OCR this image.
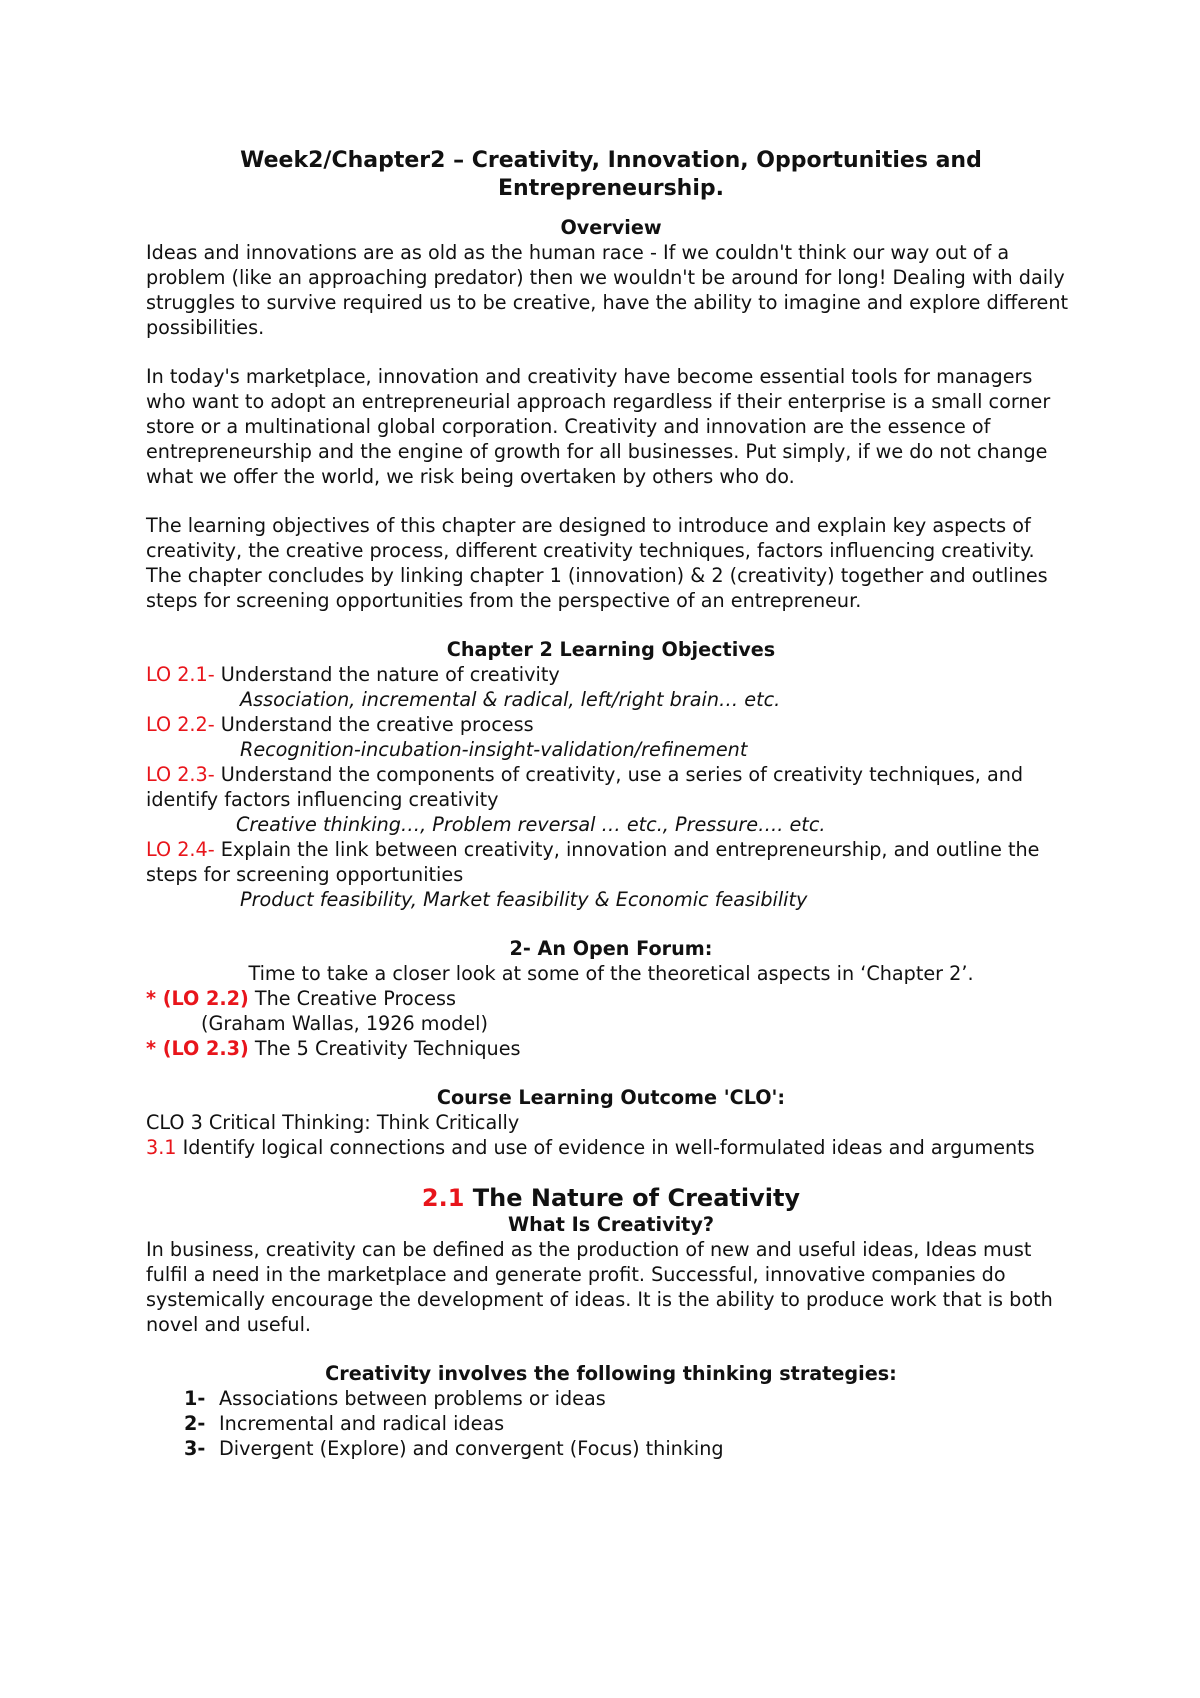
Week2/Chapter2 – Creativity, Innovation, Opportunities and
Entrepreneurship.
Overview

Ideas and innovations are as old as the human race - If we couldn't think our way out of a problem (like an approaching predator) then we wouldn't be around for long! Dealing with daily struggles to survive required us to be creative, have the ability to imagine and explore different possibilities.

In today's marketplace, innovation and creativity have become essential tools for managers who want to adopt an entrepreneurial approach regardless if their enterprise is a small corner store or a multinational global corporation. Creativity and innovation are the essence of entrepreneurship and the engine of growth for all businesses. Put simply, if we do not change what we offer the world, we risk being overtaken by others who do.

The learning objectives of this chapter are designed to introduce and explain key aspects of creativity, the creative process, different creativity techniques, factors influencing creativity. The chapter concludes by linking chapter 1 (innovation) & 2 (creativity) together and outlines steps for screening opportunities from the perspective of an entrepreneur.

Chapter 2 Learning Objectives
LO 2.1- Understand the nature of creativity
Association, incremental & radical, left/right brain… etc.
LO 2.2- Understand the creative process
Recognition-incubation-insight-validation/refinement
LO 2.3- Understand the components of creativity, use a series of creativity techniques, and identify factors influencing creativity
Creative thinking…, Problem reversal … etc., Pressure…. etc.
LO 2.4- Explain the link between creativity, innovation and entrepreneurship, and outline the steps for screening opportunities
Product feasibility, Market feasibility & Economic feasibility
2- An Open Forum:
Time to take a closer look at some of the theoretical aspects in ‘Chapter 2’.
* (LO 2.2) The Creative Process
(Graham Wallas, 1926 model)
* (LO 2.3) The 5 Creativity Techniques
Course Learning Outcome 'CLO':
CLO 3 Critical Thinking: Think Critically
3.1 Identify logical connections and use of evidence in well-formulated ideas and arguments
2.1 The Nature of Creativity
What Is Creativity?

In business, creativity can be defined as the production of new and useful ideas, Ideas must fulfil a need in the marketplace and generate profit. Successful, innovative companies do systemically encourage the development of ideas. It is the ability to produce work that is both novel and useful.

Creativity involves the following thinking strategies:
1- Associations between problems or ideas
2- Incremental and radical ideas
3- Divergent (Explore) and convergent (Focus) thinking
